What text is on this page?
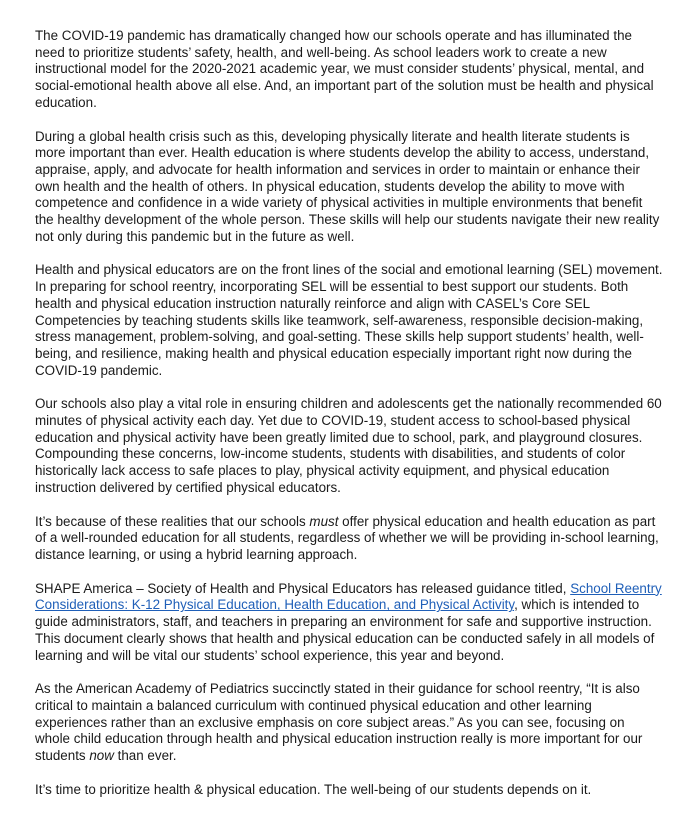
The COVID-19 pandemic has dramatically changed how our schools operate and has illuminated the need to prioritize students’ safety, health, and well-being. As school leaders work to create a new instructional model for the 2020-2021 academic year, we must consider students’ physical, mental, and social-emotional health above all else. And, an important part of the solution must be health and physical education.

During a global health crisis such as this, developing physically literate and health literate students is more important than ever. Health education is where students develop the ability to access, understand, appraise, apply, and advocate for health information and services in order to maintain or enhance their own health and the health of others. In physical education, students develop the ability to move with competence and confidence in a wide variety of physical activities in multiple environments that benefit the healthy development of the whole person. These skills will help our students navigate their new reality not only during this pandemic but in the future as well.

Health and physical educators are on the front lines of the social and emotional learning (SEL) movement. In preparing for school reentry, incorporating SEL will be essential to best support our students. Both health and physical education instruction naturally reinforce and align with CASEL’s Core SEL Competencies by teaching students skills like teamwork, self-awareness, responsible decision-making, stress management, problem-solving, and goal-setting. These skills help support students’ health, well-being, and resilience, making health and physical education especially important right now during the COVID-19 pandemic.

Our schools also play a vital role in ensuring children and adolescents get the nationally recommended 60 minutes of physical activity each day. Yet due to COVID-19, student access to school-based physical education and physical activity have been greatly limited due to school, park, and playground closures. Compounding these concerns, low-income students, students with disabilities, and students of color historically lack access to safe places to play, physical activity equipment, and physical education instruction delivered by certified physical educators.

It’s because of these realities that our schools must offer physical education and health education as part of a well-rounded education for all students, regardless of whether we will be providing in-school learning, distance learning, or using a hybrid learning approach.

SHAPE America – Society of Health and Physical Educators has released guidance titled, School Reentry Considerations: K-12 Physical Education, Health Education, and Physical Activity, which is intended to guide administrators, staff, and teachers in preparing an environment for safe and supportive instruction. This document clearly shows that health and physical education can be conducted safely in all models of learning and will be vital our students’ school experience, this year and beyond.

As the American Academy of Pediatrics succinctly stated in their guidance for school reentry, “It is also critical to maintain a balanced curriculum with continued physical education and other learning experiences rather than an exclusive emphasis on core subject areas.” As you can see, focusing on whole child education through health and physical education instruction really is more important for our students now than ever.

It’s time to prioritize health & physical education. The well-being of our students depends on it.
